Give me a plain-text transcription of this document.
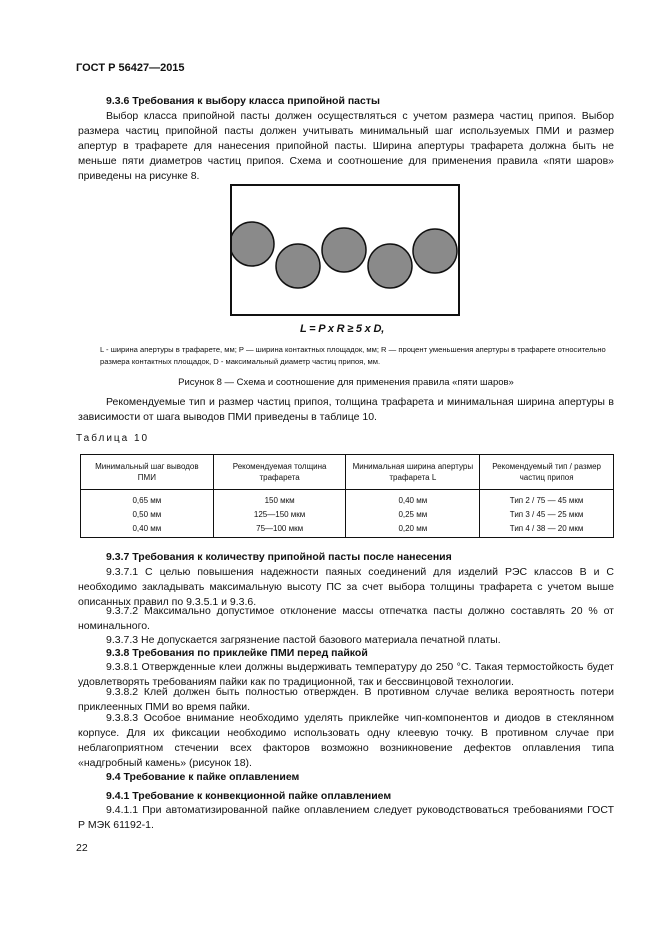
ГОСТ Р 56427—2015

9.3.6 Требования к выбору класса припойной пасты

Выбор класса припойной пасты должен осуществляться с учетом размера частиц припоя. Выбор размера частиц припойной пасты должен учитывать минимальный шаг используемых ПМИ и размер апертур в трафарете для нанесения припойной пасты. Ширина апертуры трафарета должна быть не меньше пяти диаметров частиц припоя. Схема и соотношение для применения правила «пяти шаров» приведены на рисунке 8.

L = P x R ≥ 5 x D,
L - ширина апертуры в трафарете, мм; P — ширина контактных площадок, мм; R — процент уменьшения апертуры в трафарете относительно размера контактных площадок, D - максимальный диаметр частиц припоя, мм.
Рисунок 8 — Схема и соотношение для применения правила «пяти шаров»

Рекомендуемые тип и размер частиц припоя, толщина трафарета и минимальная ширина апертуры в зависимости от шага выводов ПМИ приведены в таблице 10.

Таблица 10
Минимальный шаг выводов ПМИ	Рекомендуемая толщина трафарета	Минимальная ширина апертуры трафарета L	Рекомендуемый тип / размер частиц припоя
0,65 мм	150 мкм	0,40 мм	Тип 2 / 75 — 45 мкм
0,50 мм	125—150 мкм	0,25 мм	Тип 3 / 45 — 25 мкм
0,40 мм	75—100 мкм	0,20 мм	Тип 4 / 38 — 20 мкм

9.3.7 Требования к количеству припойной пасты после нанесения

9.3.7.1 С целью повышения надежности паяных соединений для изделий РЭС классов В и С необходимо закладывать максимальную высоту ПС за счет выбора толщины трафарета с учетом выше описанных правил по 9.3.5.1 и 9.3.6.

9.3.7.2 Максимально допустимое отклонение массы отпечатка пасты должно составлять 20 % от номинального.

9.3.7.3 Не допускается загрязнение пастой базового материала печатной платы.

9.3.8 Требования по приклейке ПМИ перед пайкой

9.3.8.1 Отвержденные клеи должны выдерживать температуру до 250 °С. Такая термостойкость будет удовлетворять требованиям пайки как по традиционной, так и бессвинцовой технологии.

9.3.8.2 Клей должен быть полностью отвержден. В противном случае велика вероятность потери приклеенных ПМИ во время пайки.

9.3.8.3 Особое внимание необходимо уделять приклейке чип-компонентов и диодов в стеклянном корпусе. Для их фиксации необходимо использовать одну клеевую точку. В противном случае при неблагоприятном стечении всех факторов возможно возникновение дефектов оплавления типа «надгробный камень» (рисунок 18).

9.4 Требование к пайке оплавлением

9.4.1 Требование к конвекционной пайке оплавлением

9.4.1.1 При автоматизированной пайке оплавлением следует руководствоваться требованиями ГОСТ Р МЭК 61192-1.

22
